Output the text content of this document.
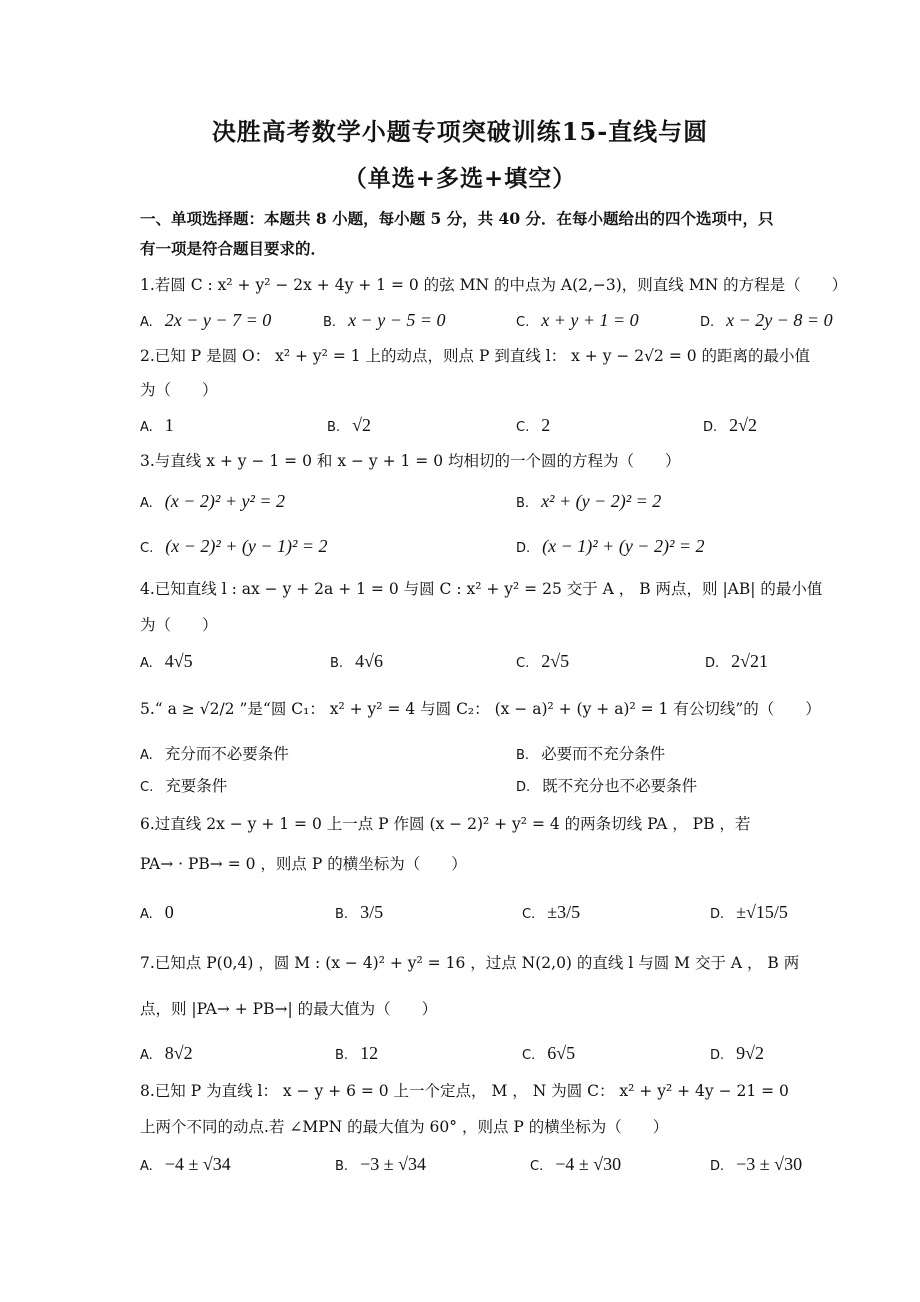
决胜高考数学小题专项突破训练15-直线与圆
（单选+多选+填空）
一、单项选择题：本题共 8 小题，每小题 5 分，共 40 分．在每小题给出的四个选项中，只
有一项是符合题目要求的．
1.若圆 C : x² + y² − 2x + 4y + 1 = 0 的弦 MN 的中点为 A(2,−3)，则直线 MN 的方程是（　　）
A. 2x − y − 7 = 0	B. x − y − 5 = 0	C. x + y + 1 = 0	D. x − 2y − 8 = 0
2.已知 P 是圆 O： x² + y² = 1 上的动点，则点 P 到直线 l： x + y − 2√2 = 0 的距离的最小值
为（　　）
A. 1	B. √2	C. 2	D. 2√2
3.与直线 x + y − 1 = 0 和 x − y + 1 = 0 均相切的一个圆的方程为（　　）
A. (x − 2)² + y² = 2	B. x² + (y − 2)² = 2
C. (x − 2)² + (y − 1)² = 2	D. (x − 1)² + (y − 2)² = 2
4.已知直线 l : ax − y + 2a + 1 = 0 与圆 C : x² + y² = 25 交于 A ， B 两点，则 |AB| 的最小值
为（　　）
A. 4√5	B. 4√6	C. 2√5	D. 2√21
5.“ a ≥ √2/2 ”是“圆 C₁： x² + y² = 4 与圆 C₂： (x − a)² + (y + a)² = 1 有公切线”的（　　）
A. 充分而不必要条件	B. 必要而不充分条件
C. 充要条件	D. 既不充分也不必要条件
6.过直线 2x − y + 1 = 0 上一点 P 作圆 (x − 2)² + y² = 4 的两条切线 PA ， PB ，若
PA→ · PB→ = 0 ，则点 P 的横坐标为（　　）
A. 0	B. 3/5	C. ±3/5	D. ±√15/5
7.已知点 P(0,4) ，圆 M : (x − 4)² + y² = 16 ，过点 N(2,0) 的直线 l 与圆 M 交于 A ， B 两
点，则 |PA→ + PB→| 的最大值为（　　）
A. 8√2	B. 12	C. 6√5	D. 9√2
8.已知 P 为直线 l： x − y + 6 = 0 上一个定点， M ， N 为圆 C： x² + y² + 4y − 21 = 0
上两个不同的动点.若 ∠MPN 的最大值为 60° ，则点 P 的横坐标为（　　）
A. −4 ± √34	B. −3 ± √34	C. −4 ± √30	D. −3 ± √30
